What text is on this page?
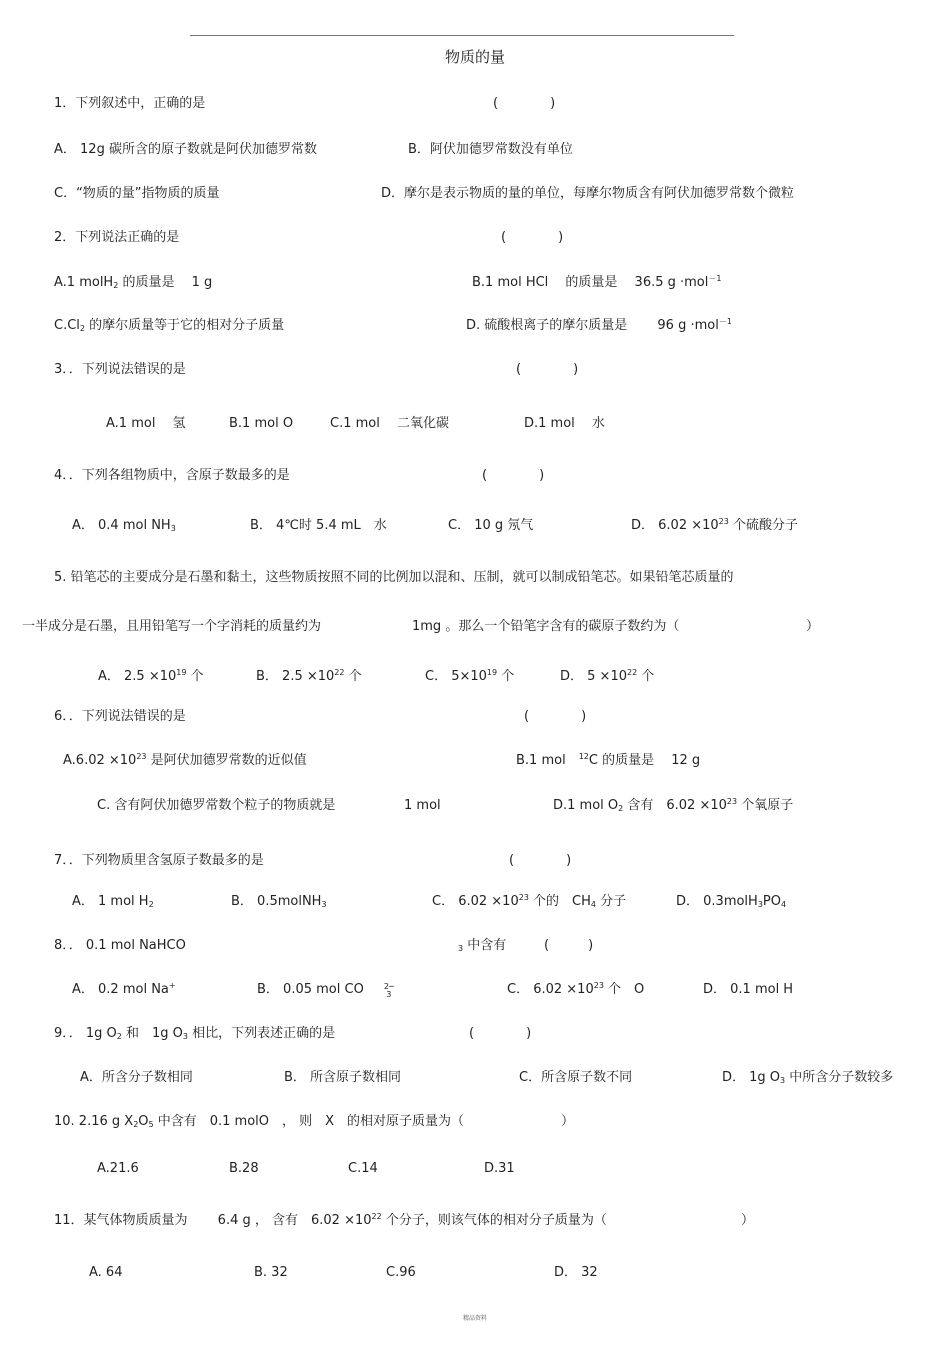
物质的量
1．下列叙述中，正确的是	(　　　　)
A． 12g 碳所含的原子数就是阿伏加德罗常数	B．阿伏加德罗常数没有单位
C．“物质的量”指物质的质量	D．摩尔是表示物质的量的单位，每摩尔物质含有阿伏加德罗常数个微粒
2．下列说法正确的是	(　　　　)
A.1 molH$_2$ 的质量是　 1 g	B.1 mol HCl　 的质量是　 36.5 g ·mol$^{-1}$
$C.Cl_2$ 的摩尔质量等于它的相对分子质量	D. 硫酸根离子的摩尔质量是　　 96 g ·mol$^{-1}$
3．．下列说法错误的是	(　　　　)
A.1 mol　 氢	B.1 mol O	C.1 mol　 二氧化碳	D.1 mol　 水
4．．下列各组物质中，含原子数最多的是	(　　　　)
A． 0.4 mol $NH_3$	B． 4℃时 5.4 mL　水	C． 10 g 氖气	D． $6.02 \times 10^{23}$ 个硫酸分子
5. 铅笔芯的主要成分是石墨和黏土，这些物质按照不同的比例加以混和、压制，就可以制成铅笔芯。如果铅笔芯质量的
一半成分是石墨，且用铅笔写一个字消耗的质量约为	1mg 。那么一个铅笔字含有的碳原子数约为（	）
A． $2.5 \times 10^{19}$ 个	B． $2.5 \times 10^{22}$ 个	C． $5\times 10^{19}$ 个	D． $5 \times 10^{22}$ 个
6．．下列说法错误的是	(　　　　)
$A.6.02 \times 10^{23}$ 是阿伏加德罗常数的近似值	B.1 mol　$^{12}$C 的质量是　 12 g
C. 含有阿伏加德罗常数个粒子的物质就是	1 mol	D.1 mol $O_2$ 含有　$6.02 \times 10^{23}$ 个氧原子
7．．下列物质里含氢原子数最多的是	(　　　　)
A． 1 mol $H_2$	B． 0.5molNH$_3$	C． $6.02 \times 10^{23}$ 个的　$CH_4$ 分子	D． $0.3molH_3PO_4$
8．． 0.1 mol NaHCO	$_3$ 中含有	(　　　)
A． 0.2 mol Na+	B． 0.05 mol CO	2─
3	C． $6.02 \times 10^{23}$ 个　O	D． 0.1 mol H
9．． 1g $O_2$ 和　1g $O_3$ 相比，下列表述正确的是	(　　　　)
A．所含分子数相同	B． 所含原子数相同	C．所含原子数不同	D． 1g $O_3$ 中所含分子数较多
10. 2.16 g $X_2O_5$ 中含有　0.1 molO　， 则　X　的相对原子质量为（	）
A.21.6	B.28	C.14	D.31
11．某气体物质质量为　　 6.4 g ， 含有　$6.02 \times 10^{22}$ 个分子，则该气体的相对分子质量为（	）
A. 64	B. 32	C.96	D． 32
精品资料
